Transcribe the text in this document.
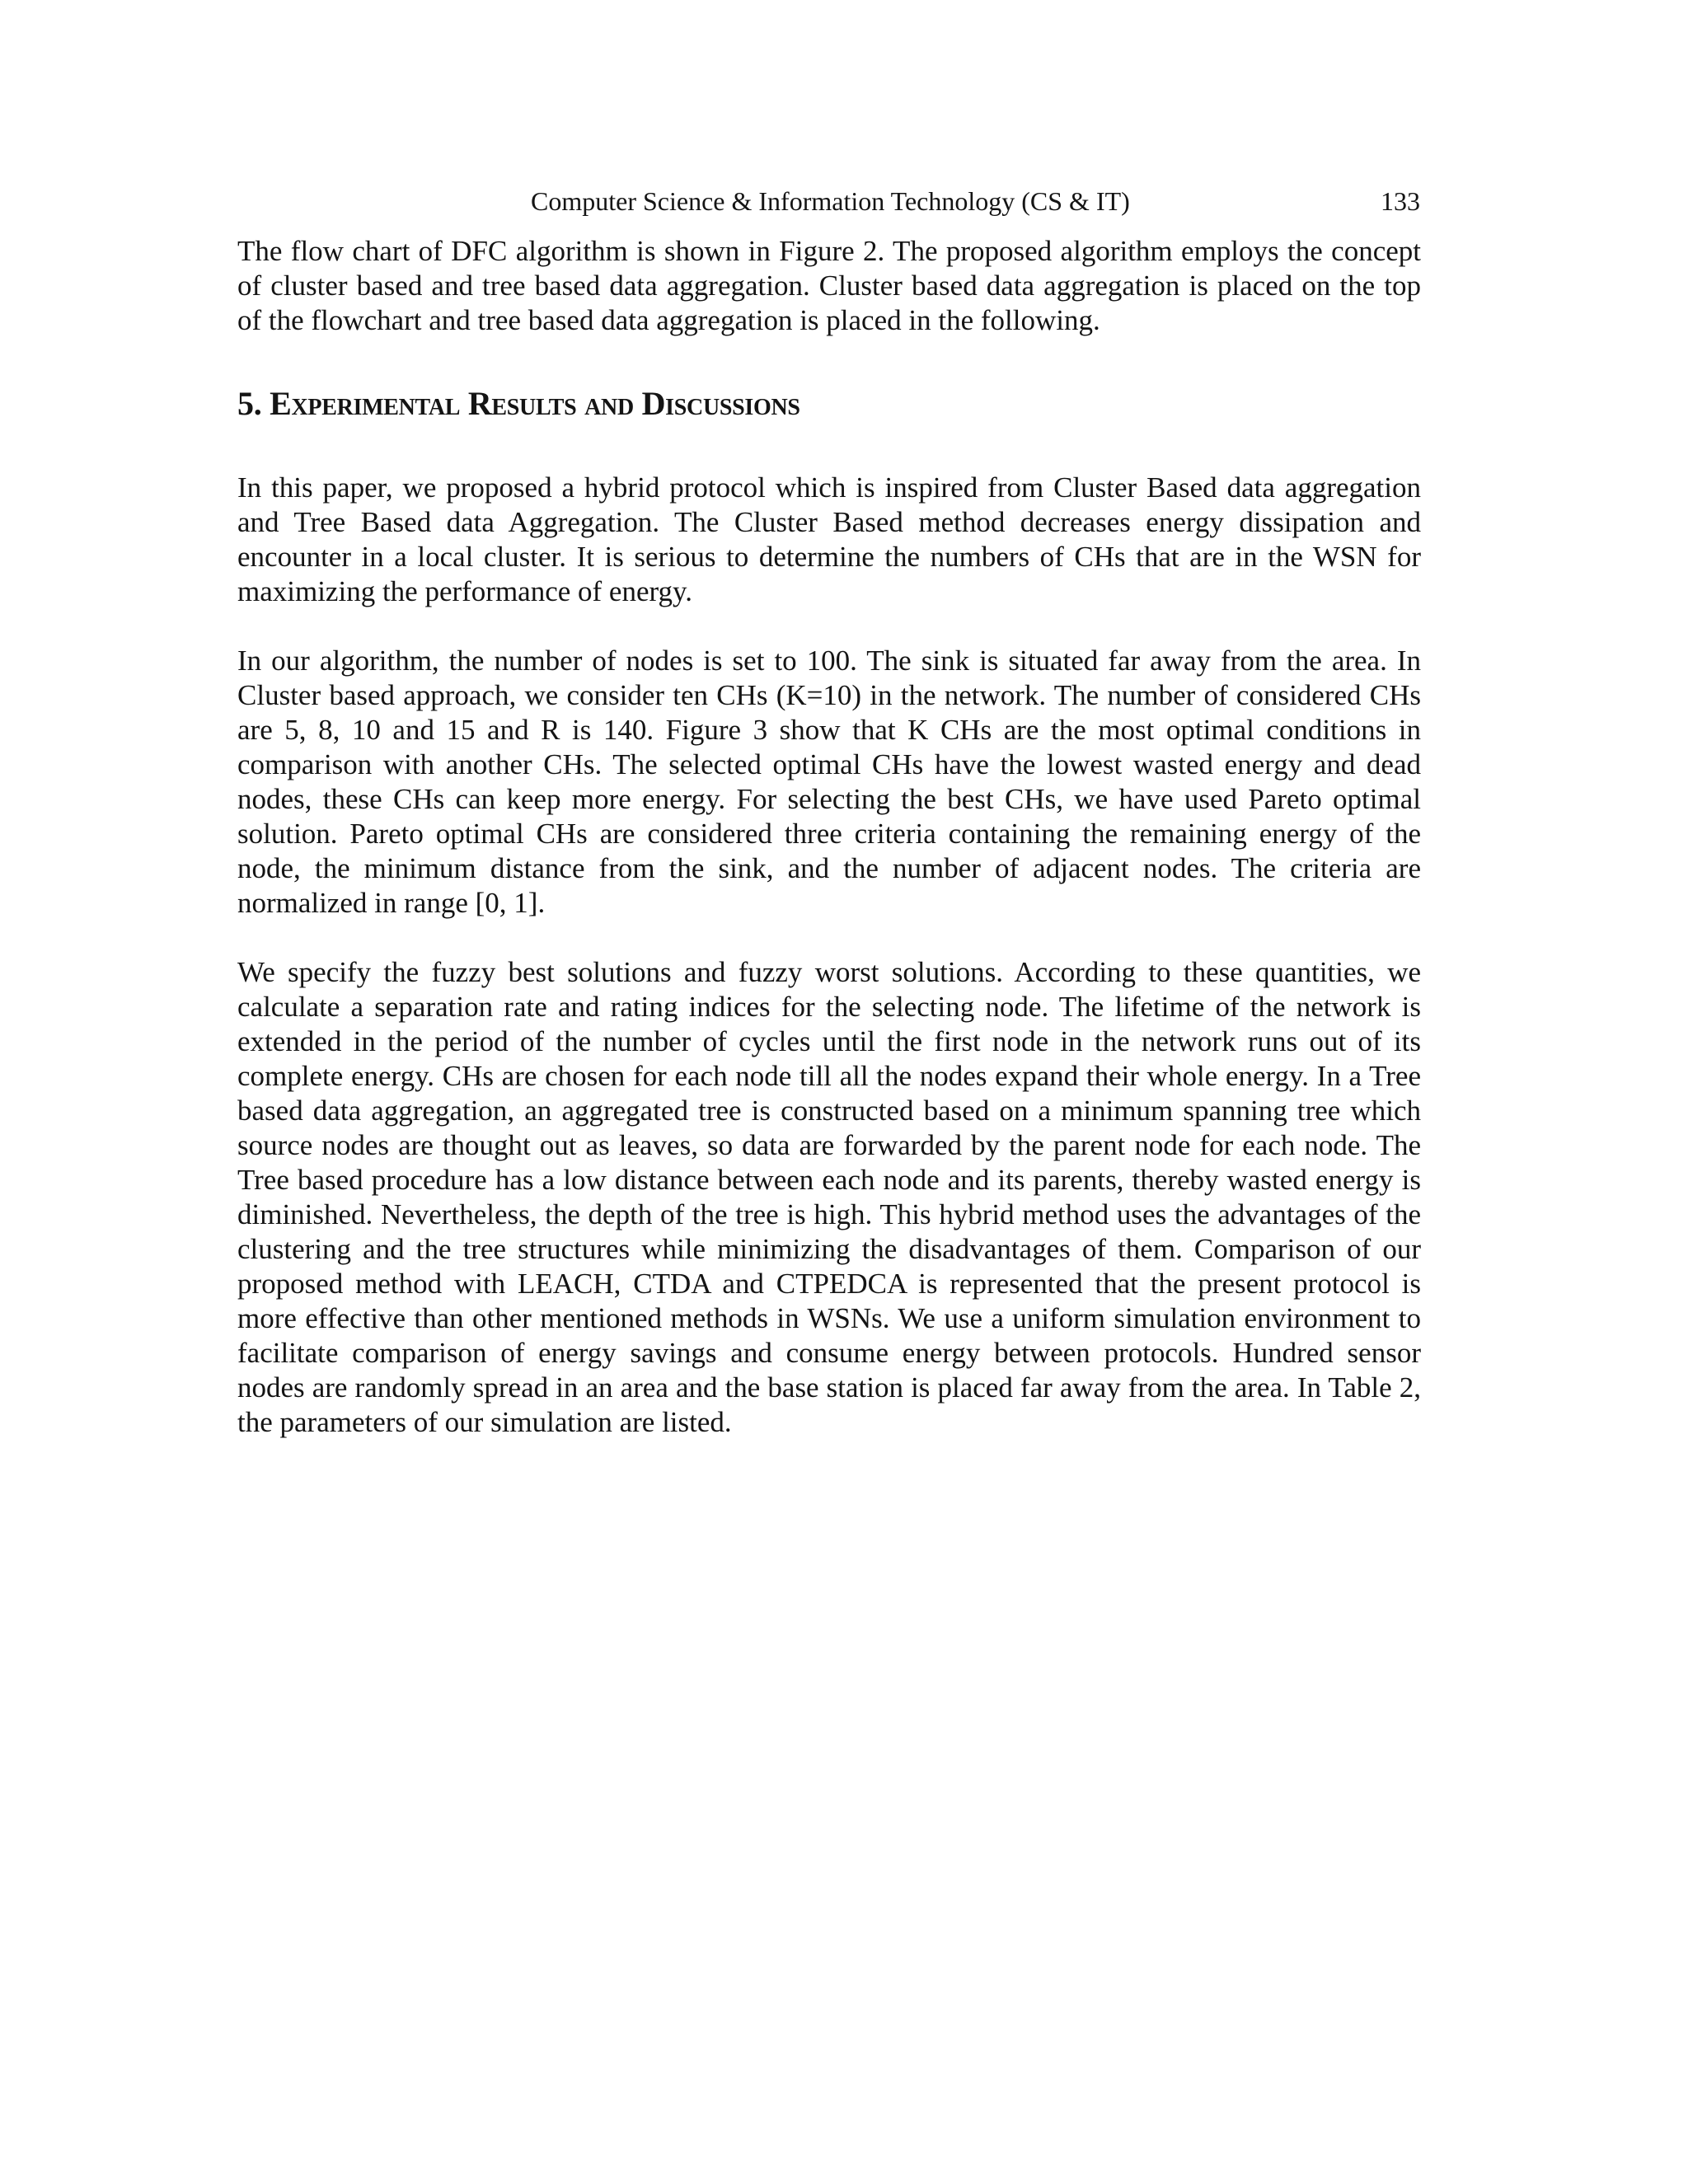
Computer Science & Information Technology (CS & IT)	133

The flow chart of DFC algorithm is shown in Figure 2. The proposed algorithm employs the concept of cluster based and tree based data aggregation. Cluster based data aggregation is placed on the top of the flowchart and tree based data aggregation is placed in the following.

5. Experimental Results and Discussions

In this paper, we proposed a hybrid protocol which is inspired from Cluster Based data aggregation and Tree Based data Aggregation. The Cluster Based method decreases energy dissipation and encounter in a local cluster. It is serious to determine the numbers of CHs that are in the WSN for maximizing the performance of energy.

In our algorithm, the number of nodes is set to 100. The sink is situated far away from the area. In Cluster based approach, we consider ten CHs (K=10) in the network. The number of considered CHs are 5, 8, 10 and 15 and R is 140. Figure 3 show that K CHs are the most optimal conditions in comparison with another CHs. The selected optimal CHs have the lowest wasted energy and dead nodes, these CHs can keep more energy. For selecting the best CHs, we have used Pareto optimal solution. Pareto optimal CHs are considered three criteria containing the remaining energy of the node, the minimum distance from the sink, and the number of adjacent nodes. The criteria are normalized in range [0, 1].

We specify the fuzzy best solutions and fuzzy worst solutions. According to these quantities, we calculate a separation rate and rating indices for the selecting node. The lifetime of the network is extended in the period of the number of cycles until the first node in the network runs out of its complete energy. CHs are chosen for each node till all the nodes expand their whole energy. In a Tree based data aggregation, an aggregated tree is constructed based on a minimum spanning tree which source nodes are thought out as leaves, so data are forwarded by the parent node for each node. The Tree based procedure has a low distance between each node and its parents, thereby wasted energy is diminished. Nevertheless, the depth of the tree is high. This hybrid method uses the advantages of the clustering and the tree structures while minimizing the disadvantages of them. Comparison of our proposed method with LEACH, CTDA and CTPEDCA is represented that the present protocol is more effective than other mentioned methods in WSNs. We use a uniform simulation environment to facilitate comparison of energy savings and consume energy between protocols. Hundred sensor nodes are randomly spread in an area and the base station is placed far away from the area. In Table 2, the parameters of our simulation are listed.
